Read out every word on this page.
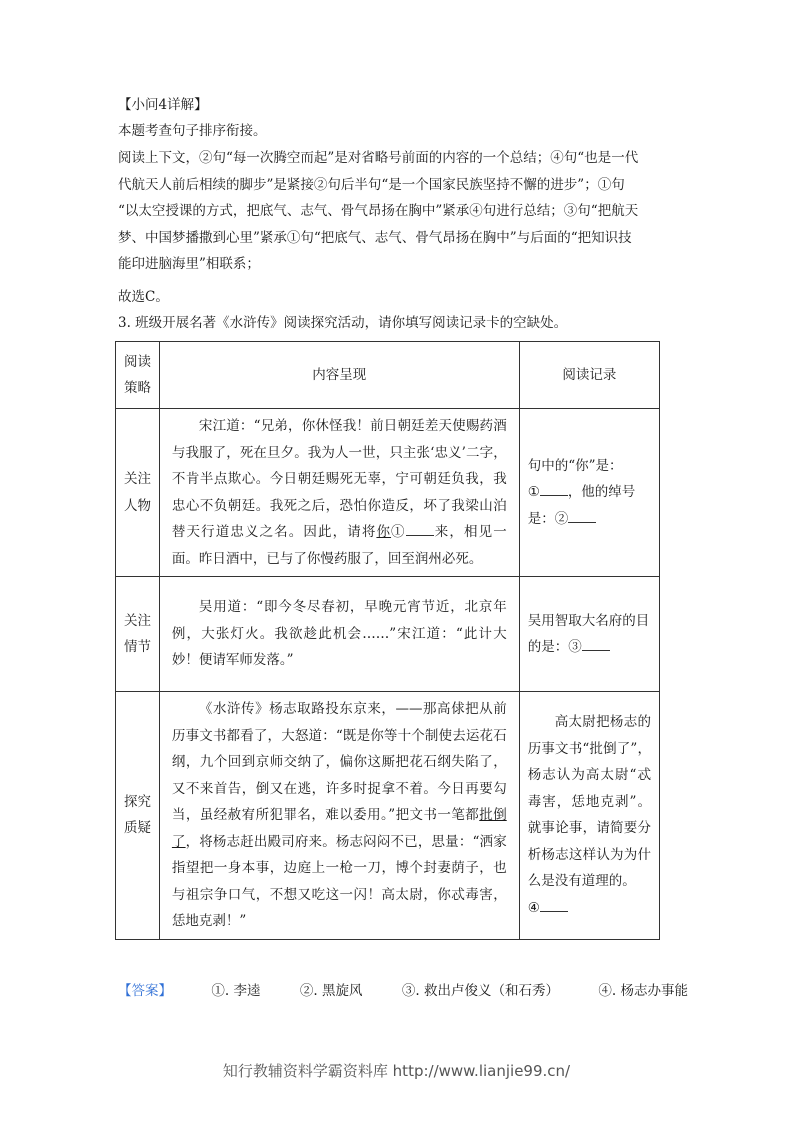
【小问4详解】

本题考查句子排序衔接。

阅读上下文，②句“每一次腾空而起”是对省略号前面的内容的一个总结；④句“也是一代
代航天人前后相续的脚步”是紧接②句后半句“是一个国家民族坚持不懈的进步”；①句
“以太空授课的方式，把底气、志气、骨气昂扬在胸中”紧承④句进行总结；③句“把航天
梦、中国梦播撒到心里”紧承①句“把底气、志气、骨气昂扬在胸中”与后面的“把知识技
能印进脑海里”相联系；

故选C。

3. 班级开展名著《水浒传》阅读探究活动，请你填写阅读记录卡的空缺处。

阅读策略	内容呈现	阅读记录
关注人物	宋江道：“兄弟，你休怪我！前日朝廷差天使赐药酒与我服了，死在旦夕。我为人一世，只主张‘忠义’二字，不肯半点欺心。今日朝廷赐死无辜，宁可朝廷负我，我忠心不负朝廷。我死之后，恐怕你造反，坏了我梁山泊替天行道忠义之名。因此，请将你① 来，相见一面。昨日酒中，已与了你慢药服了，回至润州必死。	句中的“你”是：
① ，他的绰号是：②
关注情节	吴用道：“即今冬尽春初，早晚元宵节近，北京年例，大张灯火。我欲趁此机会……”宋江道：“此计大妙！便请军师发落。”	吴用智取大名府的目的是：③
探究质疑	《水浒传》杨志取路投东京来，——那高俅把从前历事文书都看了，大怒道：“既是你等十个制使去运花石纲，九个回到京师交纳了，偏你这厮把花石纲失陷了，又不来首告，倒又在逃，许多时捉拿不着。今日再要勾当，虽经赦宥所犯罪名，难以委用。”把文书一笔都批倒了，将杨志赶出殿司府来。杨志闷闷不已，思量：“洒家指望把一身本事，边庭上一枪一刀，博个封妻荫子，也与祖宗争口气，不想又吃这一闪！高太尉，你忒毒害，恁地克剥！”	高太尉把杨志的历事文书“批倒了”，杨志认为高太尉“忒毒害，恁地克剥”。就事论事，请简要分析杨志这样认为为什么是没有道理的。
④
【答案】	①. 李逵	②. 黑旋风	③. 救出卢俊义（和石秀）	④. 杨志办事能
知行教辅资料学霸资料库 http://www.lianjie99.cn/
